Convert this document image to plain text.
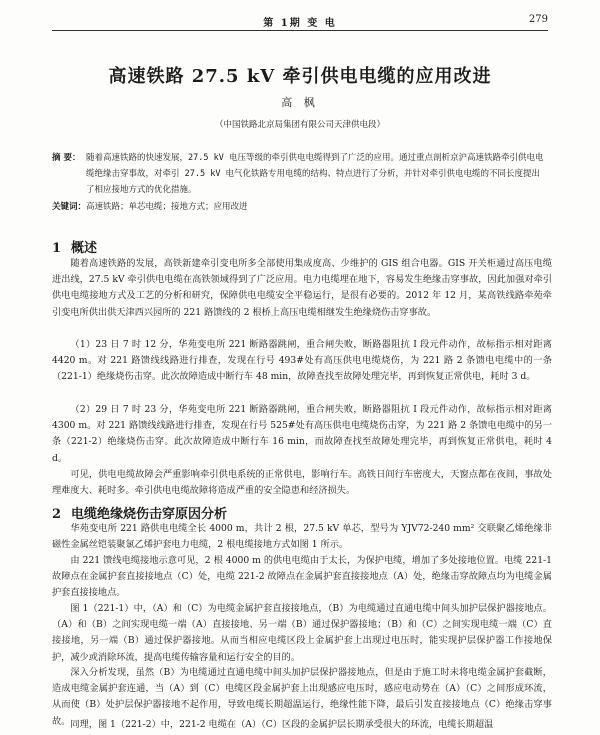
第 1期 变 电	279
高速铁路 27.5 kV 牵引供电电缆的应用改进
高 枫
（中国铁路北京局集团有限公司天津供电段）
摘 要： 随着高速铁路的快速发展，27.5 kV 电压等级的牵引供电电缆得到了广泛的应用。通过重点剖析京沪高速铁路牵引供电电缆绝缘击穿事故，对牵引 27.5 kV 电气化铁路专用电缆的结构、特点进行了分析，并针对牵引供电电缆的不同长度提出了相应接地方式的优化措施。
关键词：高速铁路；单芯电缆；接地方式；应用改进
1 概述

随着高速铁路的发展，高铁新建牵引变电所多全部使用集成度高、少维护的 GIS 组合电器。GIS 开关柜通过高压电缆进出线，27.5 kV 牵引供电电缆在高铁领域得到了广泛应用。电力电缆埋在地下，容易发生绝缘击穿事故，因此加强对牵引供电电缆接地方式及工艺的分析和研究，保障供电电缆安全平稳运行，是很有必要的。2012 年 12 月，某高铁线路牵苑牵引变电所供出供天津西兴园所的 221 路馈线的 2 根桥上高压电缆相继发生绝缘烧伤击穿事故。

（1）23 日 7 时 12 分，华苑变电所 221 断路器跳闸，重合闸失败，断路器阻抗 I 段元件动作，故标指示相对距离 4420 m。对 221 路馈线线路进行排查，发现在行号 493#处有高压供电电缆烧伤，为 221 路 2 条馈电电缆中的一条（221-1）绝缘烧伤击穿。此次故障造成中断行车 48 min，故障查找至故障处理完毕，再到恢复正常供电，耗时 3 d。

（2）29 日 7 时 23 分，华苑变电所 221 断路器跳闸，重合闸失败，断路器阻抗 I 段元件动作，故标指示相对距离 4300 m。对 221 路馈线线路进行排查，发现在行号 525#处有高压供电电缆烧伤击穿，为 221 路 2 条馈电电缆中的另一条（221-2）绝缘烧伤击穿。此次故障造成中断行车 16 min，而故障查找至故障处理完毕，再到恢复正常供电，耗时 4 d。

可见，供电电缆故障会严重影响牵引供电系统的正常供电，影响行车。高铁日间行车密度大，天窗点都在夜间，事故处理难度大、耗时多。牵引供电电缆故障将造成严重的安全隐患和经济损失。

2 电缆绝缘烧伤击穿原因分析

华苑变电所 221 路供电电缆全长 4000 m，共计 2 根，27.5 kV 单芯，型号为 YJV72-240 mm² 交联聚乙烯绝缘非磁性金属丝铠装聚氯乙烯护套电力电缆，2 根电缆接地方式如图 1 所示。

由 221 馈线电缆接地示意可见，2 根 4000 m 的供电电缆由于太长，为保护电缆，增加了多处接地位置。电缆 221-1 故障点在金属护套直接接地点（C）处，电缆 221-2 故障点在金属护套直接接地点（A）处，绝缘击穿故障点均为电缆金属护套直接接地点。

图 1（221-1）中，（A）和（C）为电缆金属护套直接接地点，（B）为电缆通过直通电缆中间头加护层保护器接地点。（A）和（B）之间实现电缆一端（A）直接接地、另一端（B）通过保护器接地；（B）和（C）之间实现电缆一端（C）直接接地，另一端（B）通过保护器接地。从而当相应电缆区段上金属护套上出现过电压时，能实现护层保护器工作接地保护，减少或消除环流，提高电缆传输容量和运行安全的目的。

深入分析发现，虽然（B）为电缆通过直通电缆中间头加护层保护器接地点，但是由于施工时未将电缆金属护套截断，造成电缆金属护套连通，当（A）到（C）电缆区段金属护套上出现感应电压时，感应电动势在（A）（C）之间形成环流，从而使（B）处护层保护器接地不起作用，导致电缆长期超温运行，绝缘性能下降，最后引发直接接地点（C）绝缘击穿事故。 同理，图 1（221-2）中，221-2 电缆在（A）（C）区段的金属护层长期承受很大的环流，电缆长期超温
